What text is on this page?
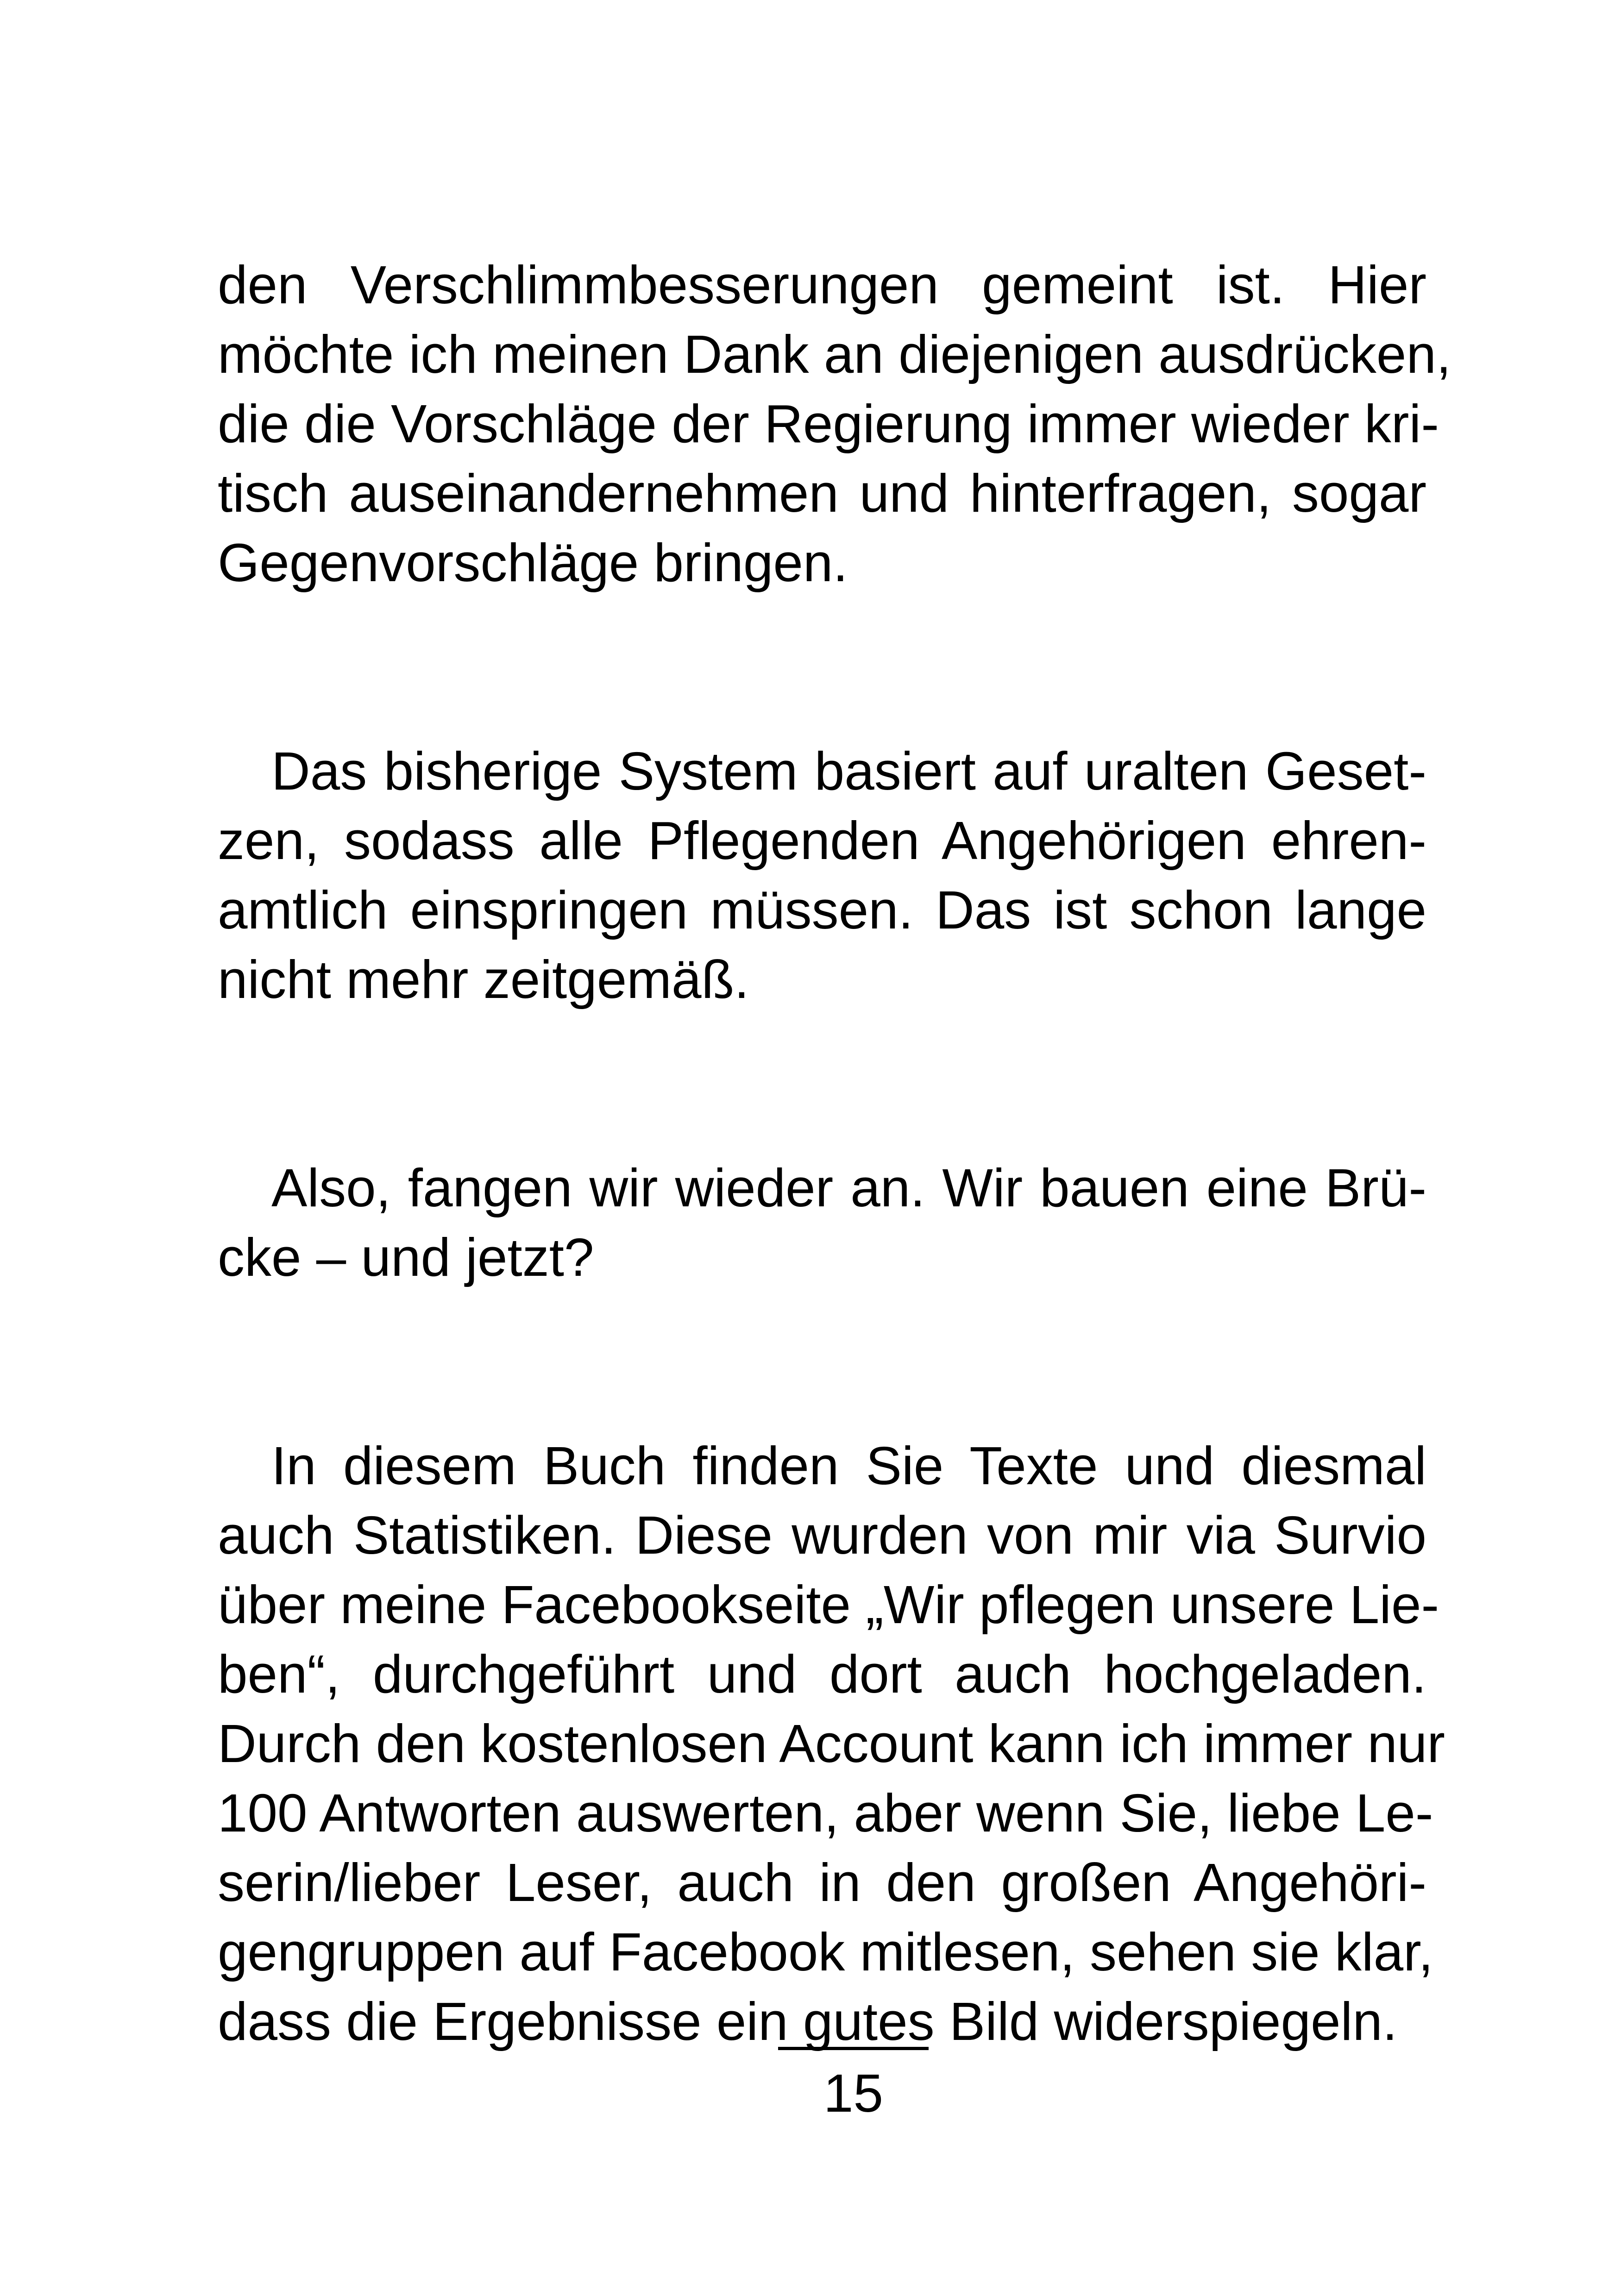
den Verschlimmbesserungen gemeint ist. Hier
möchte ich meinen Dank an diejenigen ausdrücken,
die die Vorschläge der Regierung immer wieder kri-
tisch auseinandernehmen und hinterfragen, sogar
Gegenvorschläge bringen.
Das bisherige System basiert auf uralten Geset-
zen, sodass alle Pflegenden Angehörigen ehren-
amtlich einspringen müssen. Das ist schon lange
nicht mehr zeitgemäß.
Also, fangen wir wieder an. Wir bauen eine Brü-
cke – und jetzt?
In diesem Buch finden Sie Texte und diesmal
auch Statistiken. Diese wurden von mir via Survio
über meine Facebookseite „Wir pflegen unsere Lie-
ben“, durchgeführt und dort auch hochgeladen.
Durch den kostenlosen Account kann ich immer nur
100 Antworten auswerten, aber wenn Sie, liebe Le-
serin/lieber Leser, auch in den großen Angehöri-
gengruppen auf Facebook mitlesen, sehen sie klar,
dass die Ergebnisse ein gutes Bild widerspiegeln.
15
